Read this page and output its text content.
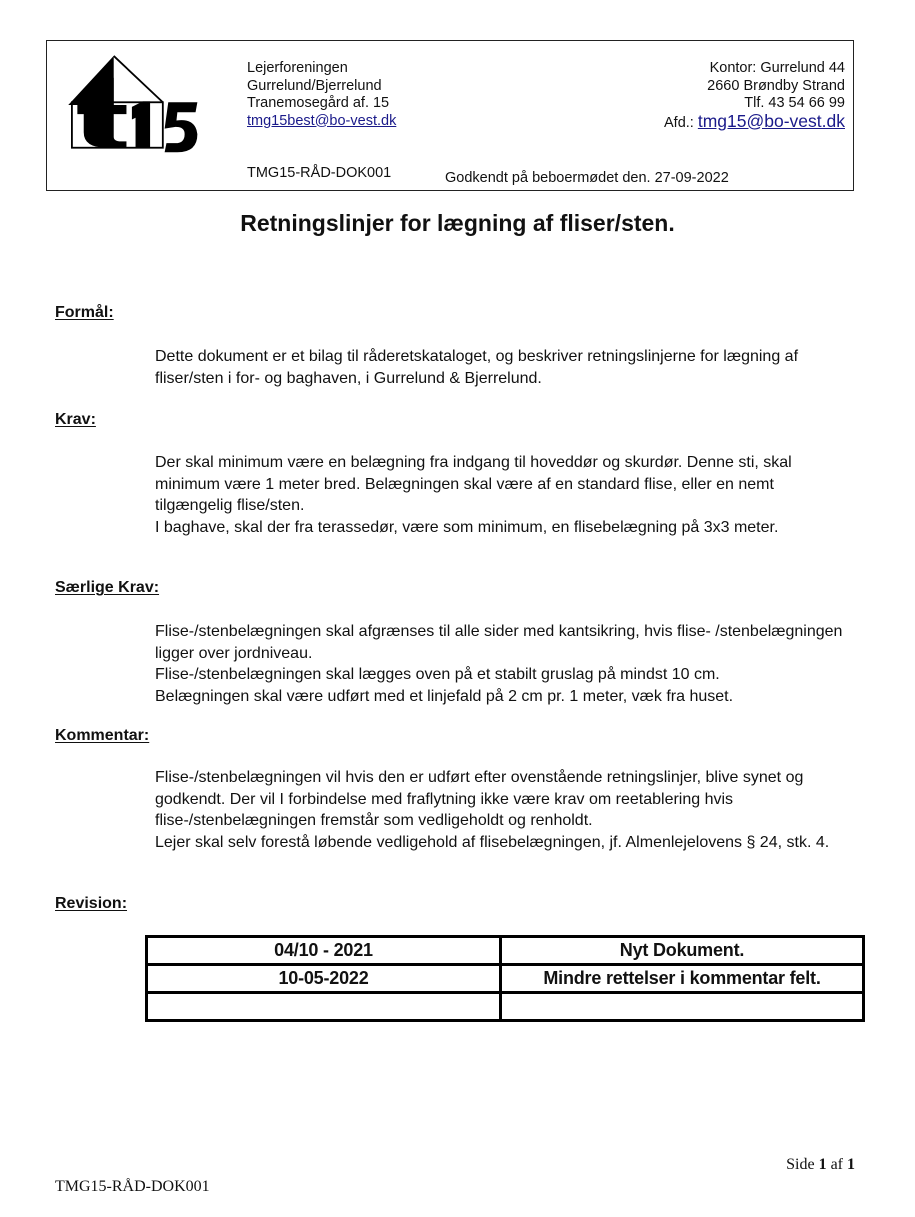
Lejerforeningen
Gurrelund/Bjerrelund
Tranemosegård af. 15
tmg15best@bo-vest.dk
TMG15-RÅD-DOK001
Kontor: Gurrelund 44
2660 Brøndby Strand
Tlf. 43 54 66 99
Afd.: tmg15@bo-vest.dk
Godkendt på beboermødet den. 27-09-2022
Retningslinjer for lægning af fliser/sten.
Formål:

Dette dokument er et bilag til råderetskataloget, og beskriver retningslinjerne for lægning af fliser/sten i for- og baghaven, i Gurrelund & Bjerrelund.

Krav:

Der skal minimum være en belægning fra indgang til hoveddør og skurdør. Denne sti, skal minimum være 1 meter bred. Belægningen skal være af en standard flise, eller en nemt tilgængelig flise/sten.

I baghave, skal der fra terassedør, være som minimum, en flisebelægning på 3x3 meter.

Særlige Krav:

Flise-/stenbelægningen skal afgrænses til alle sider med kantsikring, hvis flise- /stenbelægningen ligger over jordniveau.

Flise-/stenbelægningen skal lægges oven på et stabilt gruslag på mindst 10 cm.

Belægningen skal være udført med et linjefald på 2 cm pr. 1 meter, væk fra huset.

Kommentar:

Flise-/stenbelægningen vil hvis den er udført efter ovenstående retningslinjer, blive synet og godkendt. Der vil I forbindelse med fraflytning ikke være krav om reetablering hvis flise-/stenbelægningen fremstår som vedligeholdt og renholdt.

Lejer skal selv forestå løbende vedligehold af flisebelægningen, jf. Almenlejelovens § 24, stk. 4.

Revision:
04/10 - 2021	Nyt Dokument.
10-05-2022	Mindre rettelser i kommentar felt.

Side 1 af 1
TMG15-RÅD-DOK001
